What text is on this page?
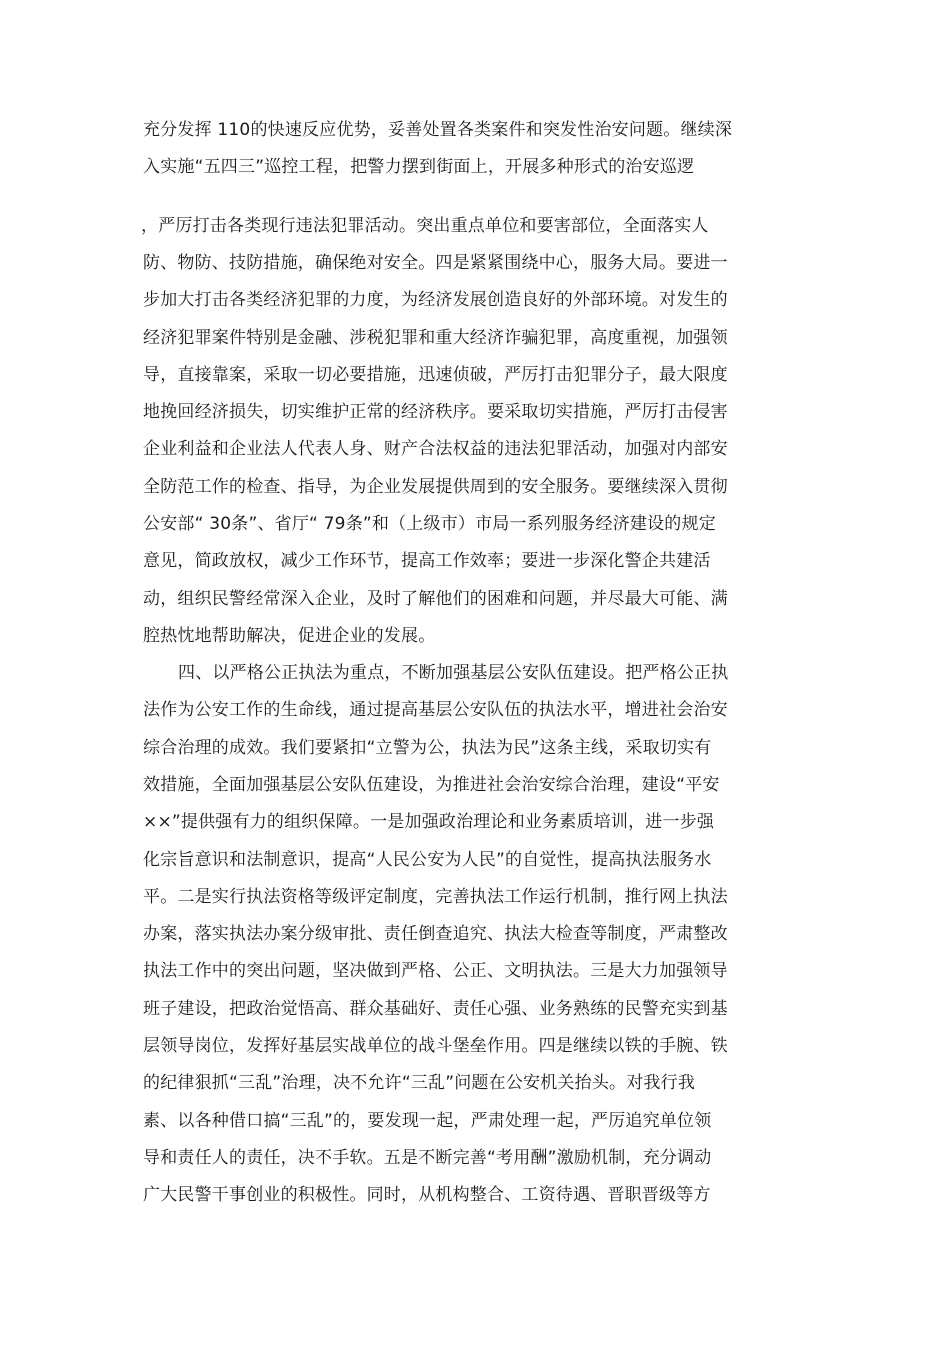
充分发挥 110的快速反应优势，妥善处置各类案件和突发性治安问题。继续深
入实施“五四三”巡控工程，把警力摆到街面上，开展多种形式的治安巡逻
，严厉打击各类现行违法犯罪活动。突出重点单位和要害部位，全面落实人
防、物防、技防措施，确保绝对安全。四是紧紧围绕中心，服务大局。要进一
步加大打击各类经济犯罪的力度，为经济发展创造良好的外部环境。对发生的
经济犯罪案件特别是金融、涉税犯罪和重大经济诈骗犯罪，高度重视，加强领
导，直接靠案，采取一切必要措施，迅速侦破，严厉打击犯罪分子，最大限度
地挽回经济损失，切实维护正常的经济秩序。要采取切实措施，严厉打击侵害
企业利益和企业法人代表人身、财产合法权益的违法犯罪活动，加强对内部安
全防范工作的检查、指导，为企业发展提供周到的安全服务。要继续深入贯彻
公安部“ 30条”、省厅“ 79条”和（上级市）市局一系列服务经济建设的规定
意见，简政放权，减少工作环节，提高工作效率；要进一步深化警企共建活
动，组织民警经常深入企业，及时了解他们的困难和问题，并尽最大可能、满
腔热忱地帮助解决，促进企业的发展。
四、以严格公正执法为重点，不断加强基层公安队伍建设。把严格公正执
法作为公安工作的生命线，通过提高基层公安队伍的执法水平，增进社会治安
综合治理的成效。我们要紧扣“立警为公，执法为民”这条主线，采取切实有
效措施，全面加强基层公安队伍建设，为推进社会治安综合治理，建设“平安
××”提供强有力的组织保障。一是加强政治理论和业务素质培训，进一步强
化宗旨意识和法制意识，提高“人民公安为人民”的自觉性，提高执法服务水
平。二是实行执法资格等级评定制度，完善执法工作运行机制，推行网上执法
办案，落实执法办案分级审批、责任倒查追究、执法大检查等制度，严肃整改
执法工作中的突出问题，坚决做到严格、公正、文明执法。三是大力加强领导
班子建设，把政治觉悟高、群众基础好、责任心强、业务熟练的民警充实到基
层领导岗位，发挥好基层实战单位的战斗堡垒作用。四是继续以铁的手腕、铁
的纪律狠抓“三乱”治理，决不允许“三乱”问题在公安机关抬头。对我行我
素、以各种借口搞“三乱”的，要发现一起，严肃处理一起，严厉追究单位领
导和责任人的责任，决不手软。五是不断完善“考用酬”激励机制，充分调动
广大民警干事创业的积极性。同时，从机构整合、工资待遇、晋职晋级等方
